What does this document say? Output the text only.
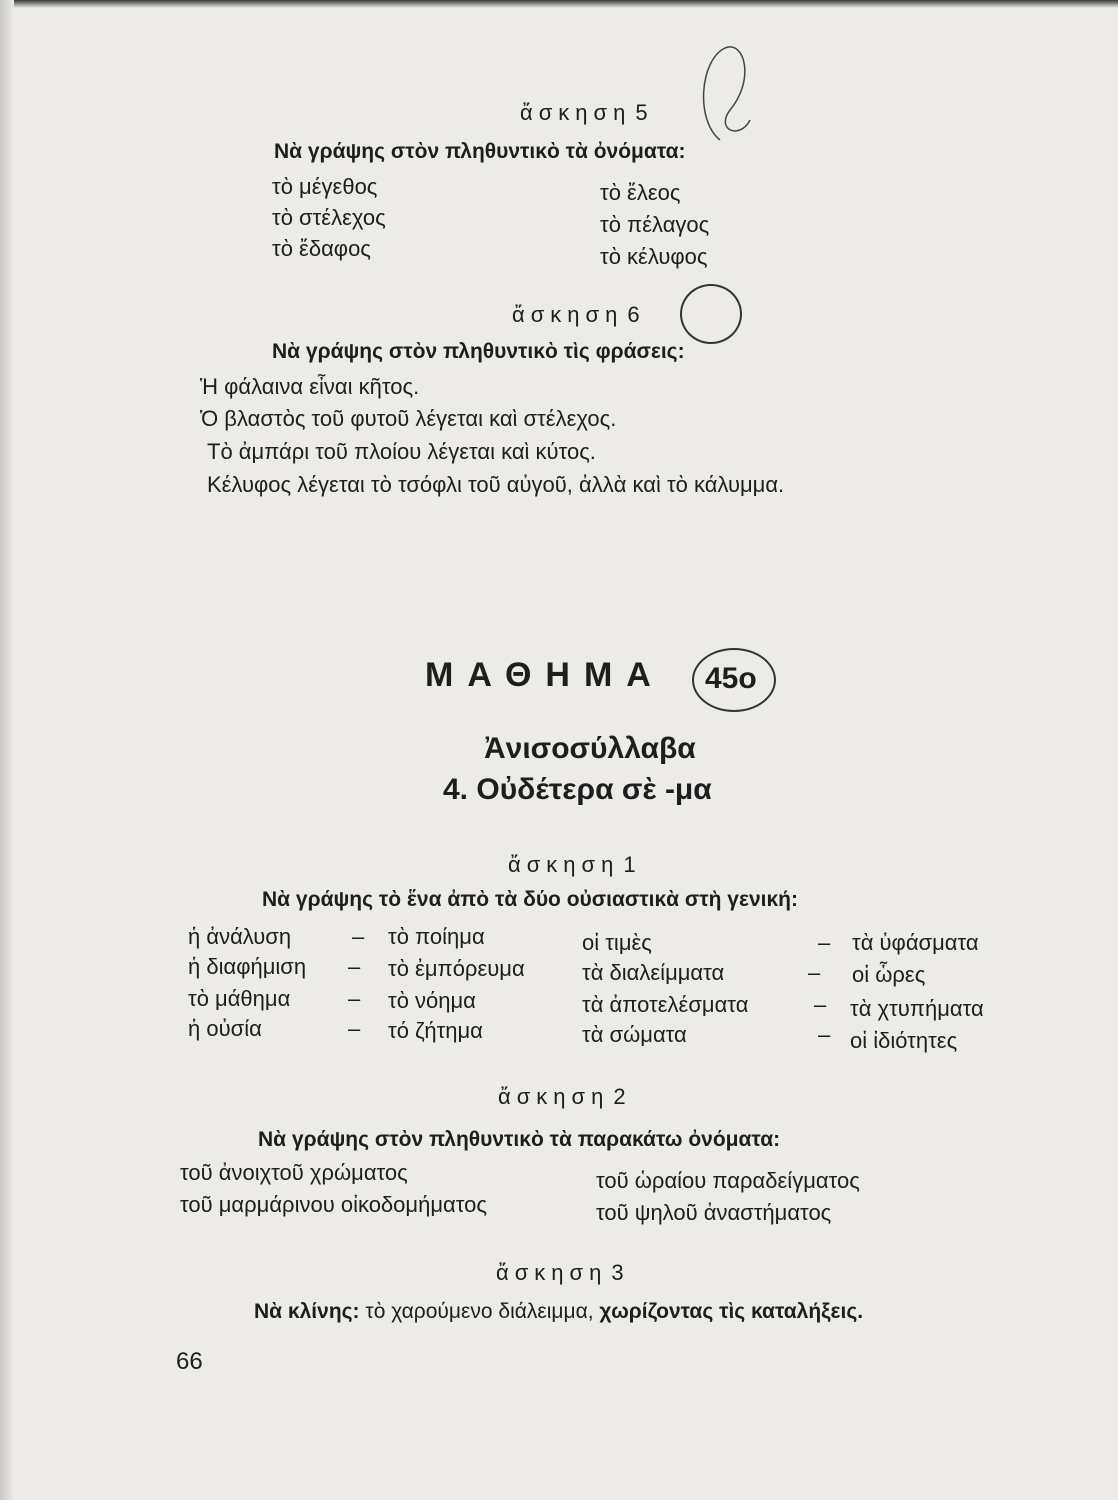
ἄσκηση 5
Νὰ γράψης στὸν πληθυντικὸ τὰ ὀνόματα:
τὸ μέγεθος
τὸ στέλεχος
τὸ ἔδαφος
τὸ ἔλεος
τὸ πέλαγος
τὸ κέλυφος
ἄσκηση 6
Νὰ γράψης στὸν πληθυντικὸ τὶς φράσεις:
Ἡ φάλαινα εἶναι κῆτος.
Ὁ βλαστὸς τοῦ φυτοῦ λέγεται καὶ στέλεχος.
Τὸ ἀμπάρι τοῦ πλοίου λέγεται καὶ κύτος.
Κέλυφος λέγεται τὸ τσόφλι τοῦ αὐγοῦ, ἀλλὰ καὶ τὸ κάλυμμα.
ΜΑΘΗΜΑ 45ο
Ἀνισοσύλλαβα
4. Οὐδέτερα σὲ -μα
ἄσκηση 1
Νὰ γράψης τὸ ἕνα ἀπὸ τὰ δύο οὐσιαστικὰ στὴ γενική:
ἡ ἀνάλυση	– τὸ ποίημα	οἱ τιμὲς	– τὰ ὑφάσματα
ἡ διαφήμιση – τὸ ἐμπόρευμα	τὰ διαλείμματα	– οἱ ὧρες
τὸ μάθημα	– τὸ νόημα	τὰ ἀποτελέσματα	– τὰ χτυπήματα
ἡ οὐσία	– τό ζήτημα	τὰ σώματα	– οἱ ἰδιότητες
ἄσκηση 2
Νὰ γράψης στὸν πληθυντικὸ τὰ παρακάτω ὀνόματα:
τοῦ ἀνοιχτοῦ χρώματος
τοῦ μαρμάρινου οἰκοδομήματος
τοῦ ὡραίου παραδείγματος
τοῦ ψηλοῦ ἀναστήματος
ἄσκηση 3
Νὰ κλίνης: τὸ χαρούμενο διάλειμμα, χωρίζοντας τὶς καταλήξεις.
66
